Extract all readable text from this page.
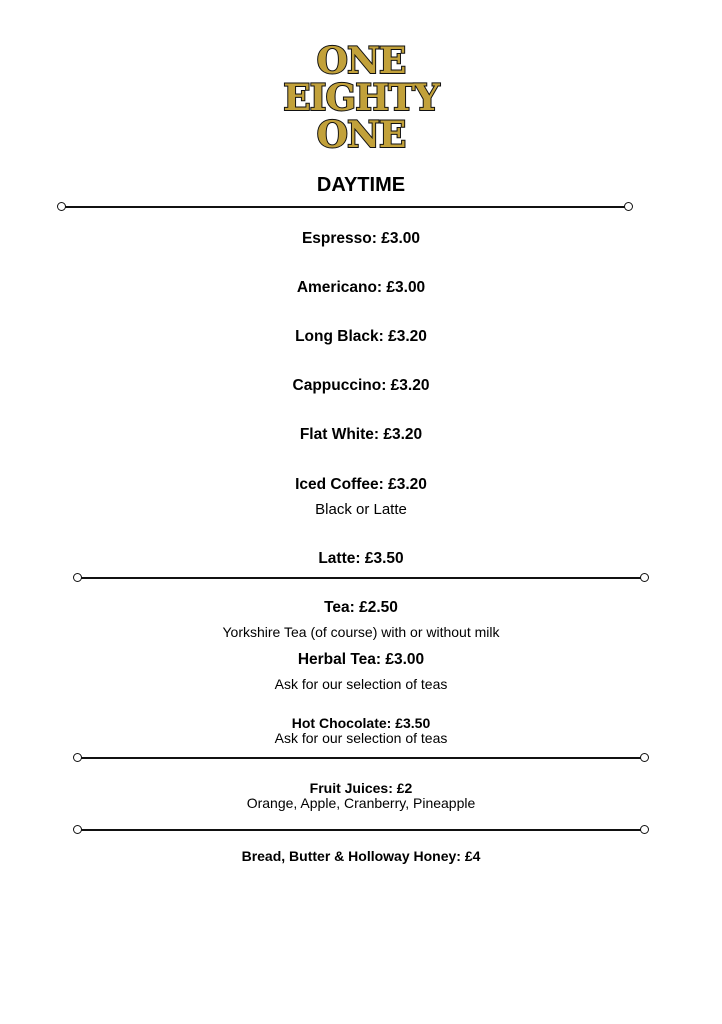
ONE
EIGHTY
ONE
DAYTIME
Espresso: £3.00
Americano: £3.00
Long Black: £3.20
Cappuccino: £3.20
Flat White: £3.20
Iced Coffee: £3.20
Black or Latte
Latte: £3.50
Tea: £2.50
Yorkshire Tea (of course) with or without milk
Herbal Tea: £3.00
Ask for our selection of teas
Hot Chocolate: £3.50
Ask for our selection of teas
Fruit Juices: £2
Orange, Apple, Cranberry, Pineapple
Bread, Butter & Holloway Honey: £4
